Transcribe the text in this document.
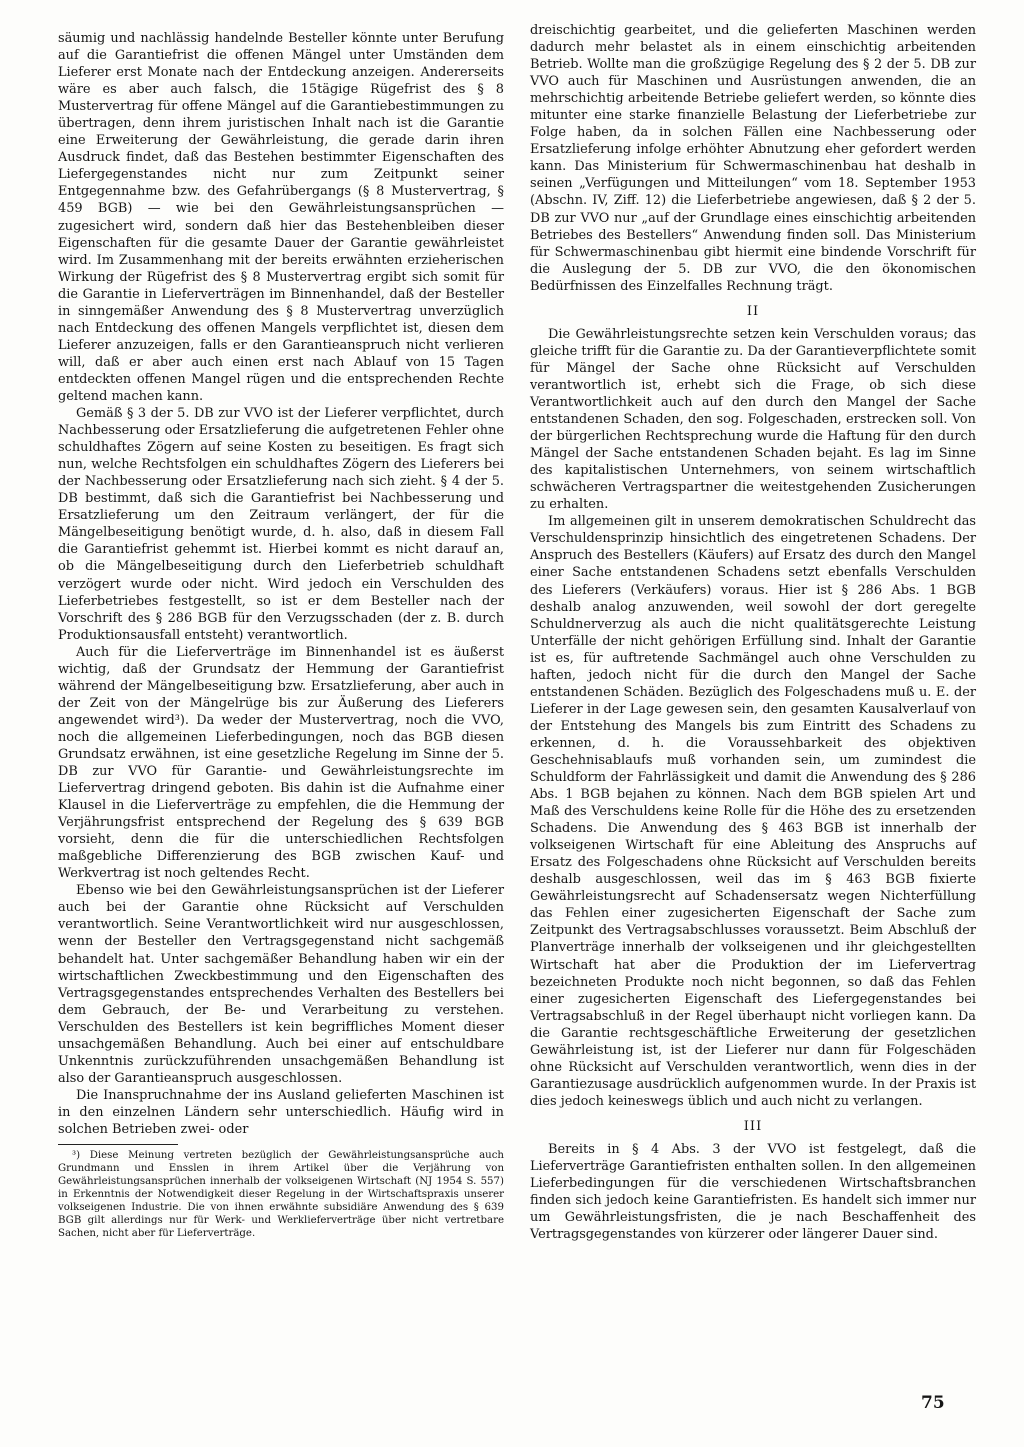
säumig und nachlässig handelnde Besteller könnte unter Berufung auf die Garantiefrist die offenen Mängel unter Umständen dem Lieferer erst Monate nach der Entdeckung anzeigen. Andererseits wäre es aber auch falsch, die 15tägige Rügefrist des § 8 Mustervertrag für offene Mängel auf die Garantiebestimmungen zu übertragen, denn ihrem juristischen Inhalt nach ist die Garantie eine Erweiterung der Gewährleistung, die gerade darin ihren Ausdruck findet, daß das Bestehen bestimmter Eigenschaften des Liefergegenstandes nicht nur zum Zeitpunkt seiner Entgegennahme bzw. des Gefahrübergangs (§ 8 Mustervertrag, § 459 BGB) — wie bei den Gewährleistungsansprüchen — zugesichert wird, sondern daß hier das Bestehenbleiben dieser Eigenschaften für die gesamte Dauer der Garantie gewährleistet wird. Im Zusammenhang mit der bereits erwähnten erzieherischen Wirkung der Rügefrist des § 8 Mustervertrag ergibt sich somit für die Garantie in Lieferverträgen im Binnenhandel, daß der Besteller in sinngemäßer Anwendung des § 8 Mustervertrag unverzüglich nach Entdeckung des offenen Mangels verpflichtet ist, diesen dem Lieferer anzuzeigen, falls er den Garantieanspruch nicht verlieren will, daß er aber auch einen erst nach Ablauf von 15 Tagen entdeckten offenen Mangel rügen und die entsprechenden Rechte geltend machen kann.

Gemäß § 3 der 5. DB zur VVO ist der Lieferer verpflichtet, durch Nachbesserung oder Ersatzlieferung die aufgetretenen Fehler ohne schuldhaftes Zögern auf seine Kosten zu beseitigen. Es fragt sich nun, welche Rechtsfolgen ein schuldhaftes Zögern des Lieferers bei der Nachbesserung oder Ersatzlieferung nach sich zieht. § 4 der 5. DB bestimmt, daß sich die Garantiefrist bei Nachbesserung und Ersatzlieferung um den Zeitraum verlängert, der für die Mängelbeseitigung benötigt wurde, d. h. also, daß in diesem Fall die Garantiefrist gehemmt ist. Hierbei kommt es nicht darauf an, ob die Mängelbeseitigung durch den Lieferbetrieb schuldhaft verzögert wurde oder nicht. Wird jedoch ein Verschulden des Lieferbetriebes festgestellt, so ist er dem Besteller nach der Vorschrift des § 286 BGB für den Verzugsschaden (der z. B. durch Produktionsausfall entsteht) verantwortlich.

Auch für die Lieferverträge im Binnenhandel ist es äußerst wichtig, daß der Grundsatz der Hemmung der Garantiefrist während der Mängelbeseitigung bzw. Ersatzlieferung, aber auch in der Zeit von der Mängelrüge bis zur Äußerung des Lieferers angewendet wird³). Da weder der Mustervertrag, noch die VVO, noch die allgemeinen Lieferbedingungen, noch das BGB diesen Grundsatz erwähnen, ist eine gesetzliche Regelung im Sinne der 5. DB zur VVO für Garantie- und Gewährleistungsrechte im Liefervertrag dringend geboten. Bis dahin ist die Aufnahme einer Klausel in die Lieferverträge zu empfehlen, die die Hemmung der Verjährungsfrist entsprechend der Regelung des § 639 BGB vorsieht, denn die für die unterschiedlichen Rechtsfolgen maßgebliche Differenzierung des BGB zwischen Kauf- und Werkvertrag ist noch geltendes Recht.

Ebenso wie bei den Gewährleistungsansprüchen ist der Lieferer auch bei der Garantie ohne Rücksicht auf Verschulden verantwortlich. Seine Verantwortlichkeit wird nur ausgeschlossen, wenn der Besteller den Vertragsgegenstand nicht sachgemäß behandelt hat. Unter sachgemäßer Behandlung haben wir ein der wirtschaftlichen Zweckbestimmung und den Eigenschaften des Vertragsgegenstandes entsprechendes Verhalten des Bestellers bei dem Gebrauch, der Be- und Verarbeitung zu verstehen. Verschulden des Bestellers ist kein begriffliches Moment dieser unsachgemäßen Behandlung. Auch bei einer auf entschuldbare Unkenntnis zurückzuführenden unsachgemäßen Behandlung ist also der Garantieanspruch ausgeschlossen.

Die Inanspruchnahme der ins Ausland gelieferten Maschinen ist in den einzelnen Ländern sehr unterschiedlich. Häufig wird in solchen Betrieben zwei- oder

³) Diese Meinung vertreten bezüglich der Gewährleistungsansprüche auch Grundmann und Ensslen in ihrem Artikel über die Verjährung von Gewährleistungsansprüchen innerhalb der volkseigenen Wirtschaft (NJ 1954 S. 557) in Erkenntnis der Notwendigkeit dieser Regelung in der Wirtschaftspraxis unserer volkseigenen Industrie. Die von ihnen erwähnte subsidiäre Anwendung des § 639 BGB gilt allerdings nur für Werk- und Werklieferverträge über nicht vertretbare Sachen, nicht aber für Lieferverträge.

dreischichtig gearbeitet, und die gelieferten Maschinen werden dadurch mehr belastet als in einem einschichtig arbeitenden Betrieb. Wollte man die großzügige Regelung des § 2 der 5. DB zur VVO auch für Maschinen und Ausrüstungen anwenden, die an mehrschichtig arbeitende Betriebe geliefert werden, so könnte dies mitunter eine starke finanzielle Belastung der Lieferbetriebe zur Folge haben, da in solchen Fällen eine Nachbesserung oder Ersatzlieferung infolge erhöhter Abnutzung eher gefordert werden kann. Das Ministerium für Schwermaschinenbau hat deshalb in seinen „Verfügungen und Mitteilungen“ vom 18. September 1953 (Abschn. IV, Ziff. 12) die Lieferbetriebe angewiesen, daß § 2 der 5. DB zur VVO nur „auf der Grundlage eines einschichtig arbeitenden Betriebes des Bestellers“ Anwendung finden soll. Das Ministerium für Schwermaschinenbau gibt hiermit eine bindende Vorschrift für die Auslegung der 5. DB zur VVO, die den ökonomischen Bedürfnissen des Einzelfalles Rechnung trägt.

II

Die Gewährleistungsrechte setzen kein Verschulden voraus; das gleiche trifft für die Garantie zu. Da der Garantieverpflichtete somit für Mängel der Sache ohne Rücksicht auf Verschulden verantwortlich ist, erhebt sich die Frage, ob sich diese Verantwortlichkeit auch auf den durch den Mangel der Sache entstandenen Schaden, den sog. Folgeschaden, erstrecken soll. Von der bürgerlichen Rechtsprechung wurde die Haftung für den durch Mängel der Sache entstandenen Schaden bejaht. Es lag im Sinne des kapitalistischen Unternehmers, von seinem wirtschaftlich schwächeren Vertragspartner die weitestgehenden Zusicherungen zu erhalten.

Im allgemeinen gilt in unserem demokratischen Schuldrecht das Verschuldensprinzip hinsichtlich des eingetretenen Schadens. Der Anspruch des Bestellers (Käufers) auf Ersatz des durch den Mangel einer Sache entstandenen Schadens setzt ebenfalls Verschulden des Lieferers (Verkäufers) voraus. Hier ist § 286 Abs. 1 BGB deshalb analog anzuwenden, weil sowohl der dort geregelte Schuldnerverzug als auch die nicht qualitätsgerechte Leistung Unterfälle der nicht gehörigen Erfüllung sind. Inhalt der Garantie ist es, für auftretende Sachmängel auch ohne Verschulden zu haften, jedoch nicht für die durch den Mangel der Sache entstandenen Schäden. Bezüglich des Folgeschadens muß u. E. der Lieferer in der Lage gewesen sein, den gesamten Kausalverlauf von der Entstehung des Mangels bis zum Eintritt des Schadens zu erkennen, d. h. die Voraussehbarkeit des objektiven Geschehnisablaufs muß vorhanden sein, um zumindest die Schuldform der Fahrlässigkeit und damit die Anwendung des § 286 Abs. 1 BGB bejahen zu können. Nach dem BGB spielen Art und Maß des Verschuldens keine Rolle für die Höhe des zu ersetzenden Schadens. Die Anwendung des § 463 BGB ist innerhalb der volkseigenen Wirtschaft für eine Ableitung des Anspruchs auf Ersatz des Folgeschadens ohne Rücksicht auf Verschulden bereits deshalb ausgeschlossen, weil das im § 463 BGB fixierte Gewährleistungsrecht auf Schadensersatz wegen Nichterfüllung das Fehlen einer zugesicherten Eigenschaft der Sache zum Zeitpunkt des Vertragsabschlusses voraussetzt. Beim Abschluß der Planverträge innerhalb der volkseigenen und ihr gleichgestellten Wirtschaft hat aber die Produktion der im Liefervertrag bezeichneten Produkte noch nicht begonnen, so daß das Fehlen einer zugesicherten Eigenschaft des Liefergegenstandes bei Vertragsabschluß in der Regel überhaupt nicht vorliegen kann. Da die Garantie rechtsgeschäftliche Erweiterung der gesetzlichen Gewährleistung ist, ist der Lieferer nur dann für Folgeschäden ohne Rücksicht auf Verschulden verantwortlich, wenn dies in der Garantiezusage ausdrücklich aufgenommen wurde. In der Praxis ist dies jedoch keineswegs üblich und auch nicht zu verlangen.

III

Bereits in § 4 Abs. 3 der VVO ist festgelegt, daß die Lieferverträge Garantiefristen enthalten sollen. In den allgemeinen Lieferbedingungen für die verschiedenen Wirtschaftsbranchen finden sich jedoch keine Garantiefristen. Es handelt sich immer nur um Gewährleistungsfristen, die je nach Beschaffenheit des Vertragsgegenstandes von kürzerer oder längerer Dauer sind.

75
